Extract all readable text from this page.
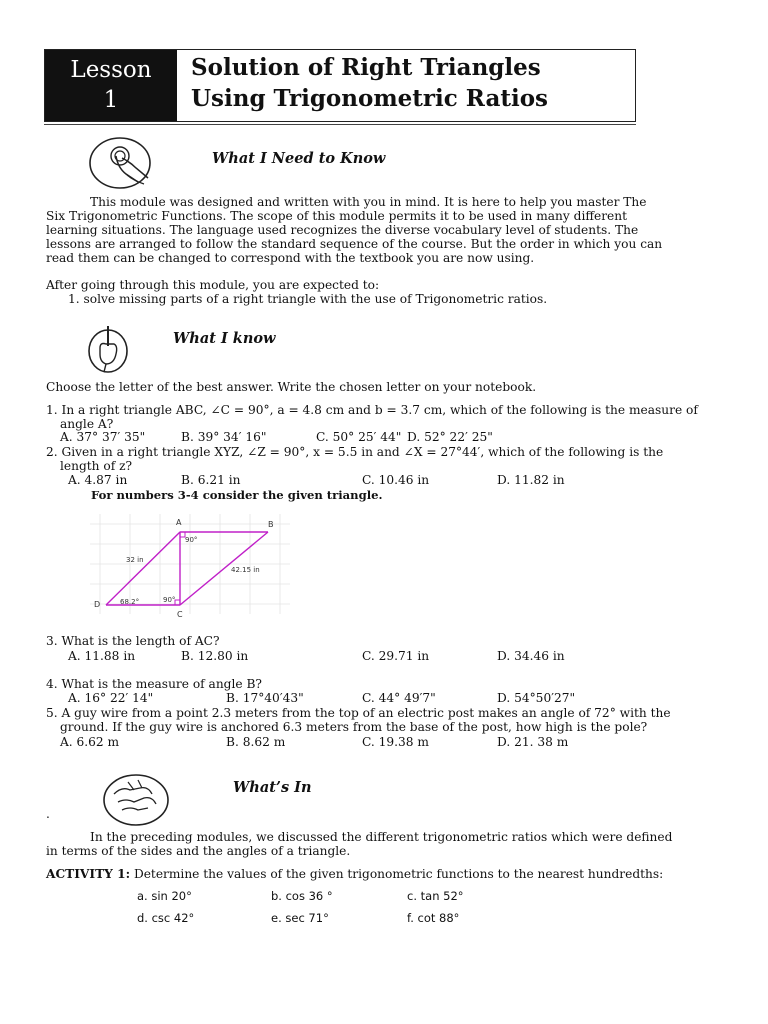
Lesson
1
Solution of Right Triangles
Using Trigonometric Ratios
What I Need to Know
This module was designed and written with you in mind. It is here to help you master The
Six Trigonometric Functions. The scope of this module permits it to be used in many different
learning situations. The language used recognizes the diverse vocabulary level of students. The
lessons are arranged to follow the standard sequence of the course. But the order in which you can
read them can be changed to correspond with the textbook you are now using.
After going through this module, you are expected to:
1. solve missing parts of a right triangle with the use of Trigonometric ratios.
What I know
Choose the letter of the best answer. Write the chosen letter on your notebook.
1. In a right triangle ABC, ∠C = 90°, a = 4.8 cm and b = 3.7 cm, which of the following is the measure of
angle A?
A. 37° 37′ 35"	B. 39° 34′ 16"	C. 50° 25′ 44" D. 52° 22′ 25"
2. Given in a right triangle XYZ, ∠Z = 90°, x = 5.5 in and ∠X = 27°44′, which of the following is the
length of z?
A. 4.87 in	B. 6.21 in	C. 10.46 in	D. 11.82 in
For numbers 3-4 consider the given triangle.
A	B
C
D
90°
90°
68.2°
32 in
42.15 in
3. What is the length of AC?
A. 11.88 in	B. 12.80 in	C. 29.71 in	D. 34.46 in
4. What is the measure of angle B?
A. 16° 22′ 14"	B. 17°40′43"	C. 44° 49′7"	D. 54°50′27"
5. A guy wire from a point 2.3 meters from the top of an electric post makes an angle of 72° with the
ground. If the guy wire is anchored 6.3 meters from the base of the post, how high is the pole?
A. 6.62 m	B. 8.62 m	C. 19.38 m	D. 21. 38 m
What’s In
.
In the preceding modules, we discussed the different trigonometric ratios which were defined
in terms of the sides and the angles of a triangle.
ACTIVITY 1: Determine the values of the given trigonometric functions to the nearest hundredths:
a. sin 20°	b. cos 36 °	c. tan 52°
d. csc 42°	e. sec 71°	f. cot 88°
